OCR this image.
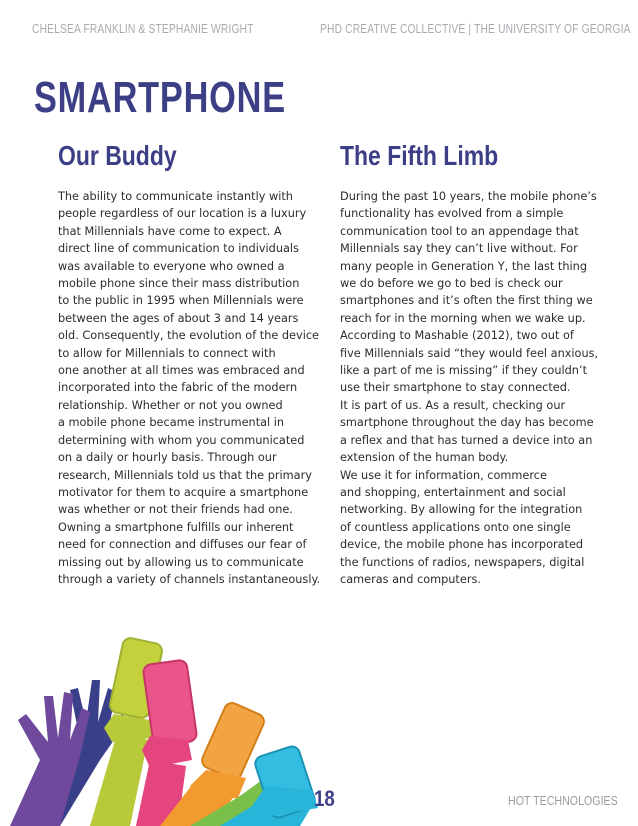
CHELSEA FRANKLIN & STEPHANIE WRIGHT	PHD CREATIVE COLLECTIVE | THE UNIVERSITY OF GEORGIA
SMARTPHONE
Our Buddy	The Fifth Limb

The ability to communicate instantly with
people regardless of our location is a luxury
that Millennials have come to expect. A
direct line of communication to individuals
was available to everyone who owned a
mobile phone since their mass distribution
to the public in 1995 when Millennials were
between the ages of about 3 and 14 years
old. Consequently, the evolution of the device
to allow for Millennials to connect with
one another at all times was embraced and
incorporated into the fabric of the modern
relationship. Whether or not you owned
a mobile phone became instrumental in
determining with whom you communicated
on a daily or hourly basis. Through our
research, Millennials told us that the primary
motivator for them to acquire a smartphone
was whether or not their friends had one.
Owning a smartphone fulfills our inherent
need for connection and diffuses our fear of
missing out by allowing us to communicate
through a variety of channels instantaneously.

During the past 10 years, the mobile phone’s
functionality has evolved from a simple
communication tool to an appendage that
Millennials say they can’t live without. For
many people in Generation Y, the last thing
we do before we go to bed is check our
smartphones and it’s often the first thing we
reach for in the morning when we wake up.
According to Mashable (2012), two out of
five Millennials said “they would feel anxious,
like a part of me is missing” if they couldn’t
use their smartphone to stay connected.
It is part of us. As a result, checking our
smartphone throughout the day has become
a reflex and that has turned a device into an
extension of the human body.
We use it for information, commerce
and shopping, entertainment and social
networking. By allowing for the integration
of countless applications onto one single
device, the mobile phone has incorporated
the functions of radios, newspapers, digital
cameras and computers.

18	HOT TECHNOLOGIES
